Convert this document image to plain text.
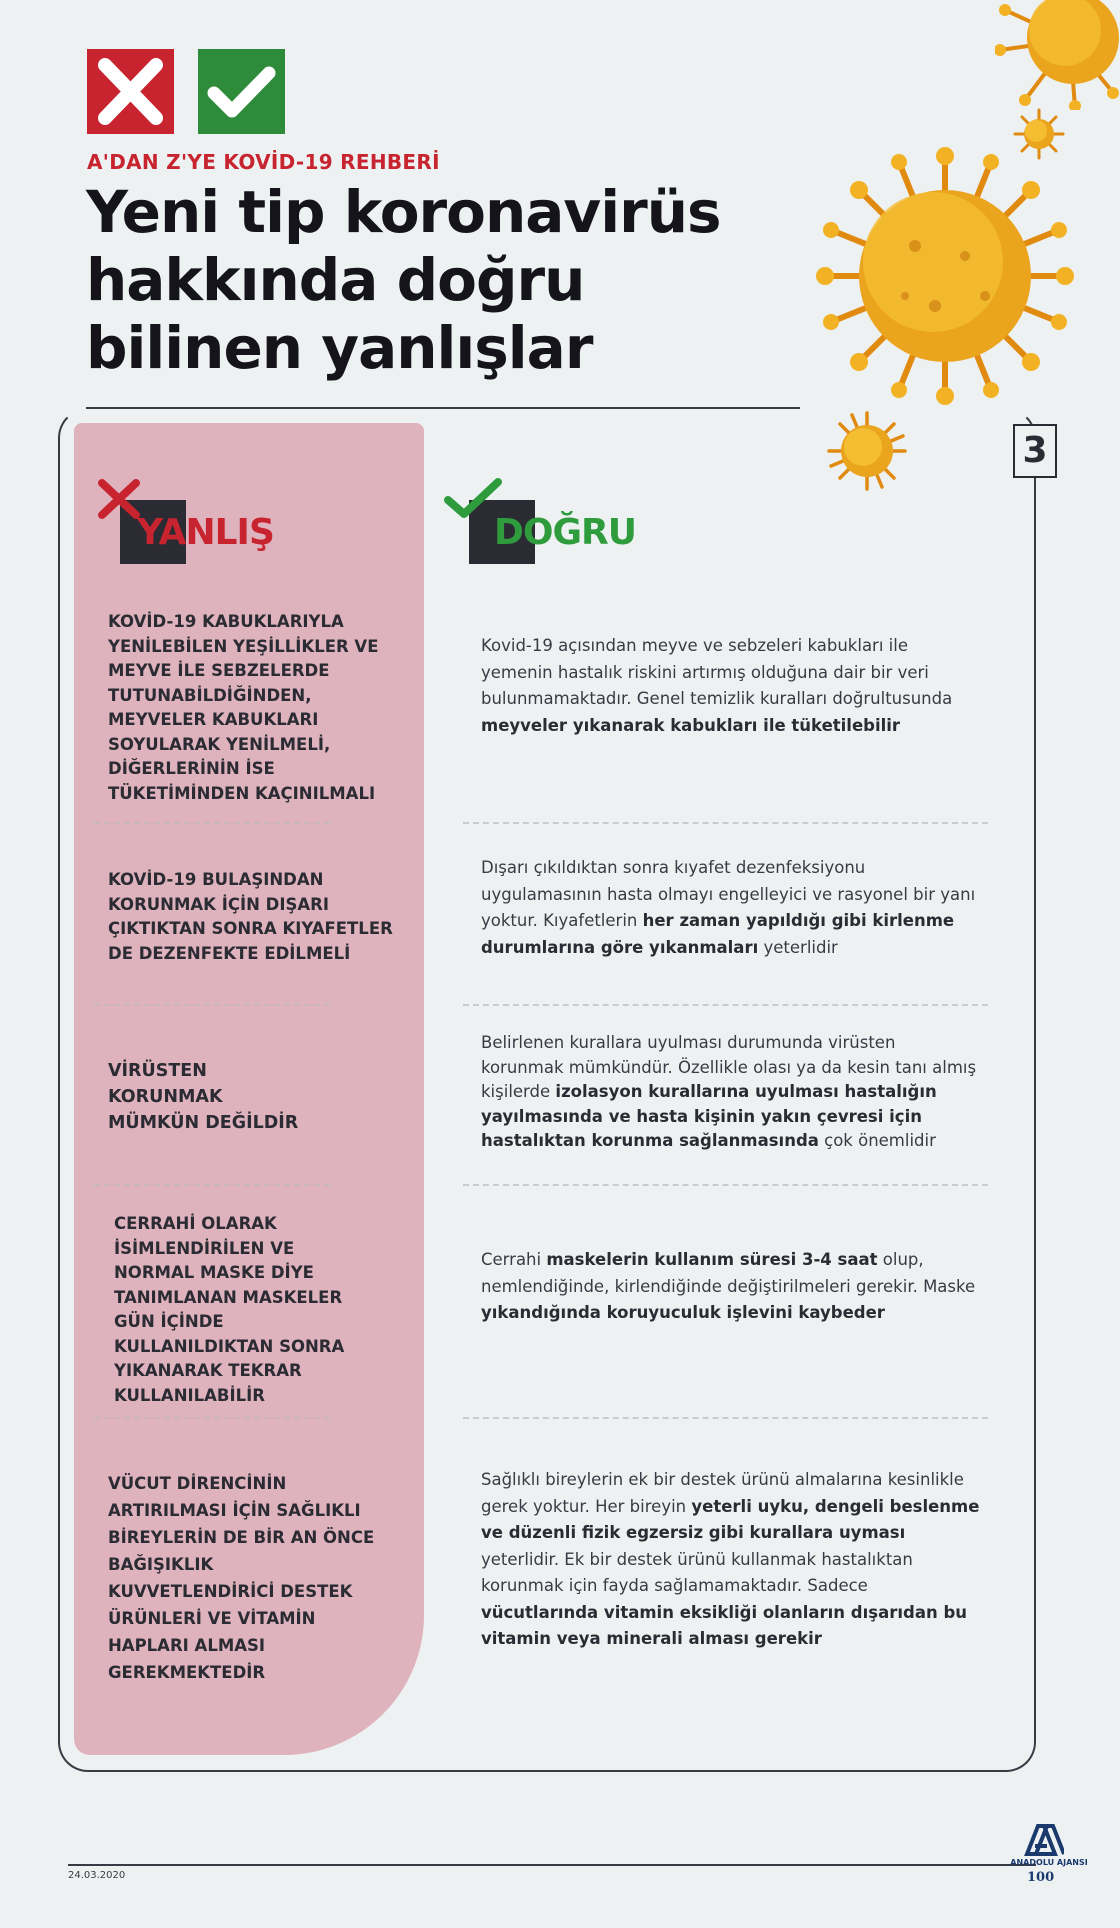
A'DAN Z'YE KOVİD-19 REHBERİ
Yeni tip koronavirüs hakkında doğru bilinen yanlışlar
3
YANLIŞ	DOĞRU
KOVİD-19 KABUKLARIYLA YENİLEBİLEN YEŞİLLİKLER VE MEYVE İLE SEBZELERDE TUTUNABİLDİĞİNDEN, MEYVELER KABUKLARI SOYULARAK YENİLMELİ, DİĞERLERİNİN İSE TÜKETİMİNDEN KAÇINILMALI
Kovid-19 açısından meyve ve sebzeleri kabukları ile yemenin hastalık riskini artırmış olduğuna dair bir veri bulunmamaktadır. Genel temizlik kuralları doğrultusunda meyveler yıkanarak kabukları ile tüketilebilir
KOVİD-19 BULAŞINDAN KORUNMAK İÇİN DIŞARI ÇIKTIKTAN SONRA KIYAFETLER DE DEZENFEKTE EDİLMELİ
Dışarı çıkıldıktan sonra kıyafet dezenfeksiyonu uygulamasının hasta olmayı engelleyici ve rasyonel bir yanı yoktur. Kıyafetlerin her zaman yapıldığı gibi kirlenme durumlarına göre yıkanmaları yeterlidir
VİRÜSTEN KORUNMAK MÜMKÜN DEĞİLDİR
Belirlenen kurallara uyulması durumunda virüsten korunmak mümkündür. Özellikle olası ya da kesin tanı almış kişilerde izolasyon kurallarına uyulması hastalığın yayılmasında ve hasta kişinin yakın çevresi için hastalıktan korunma sağlanmasında çok önemlidir
CERRAHİ OLARAK İSİMLENDİRİLEN VE NORMAL MASKE DİYE TANIMLANAN MASKELER GÜN İÇİNDE KULLANILDIKTAN SONRA YIKANARAK TEKRAR KULLANILABİLİR
Cerrahi maskelerin kullanım süresi 3-4 saat olup, nemlendiğinde, kirlendiğinde değiştirilmeleri gerekir. Maske yıkandığında koruyuculuk işlevini kaybeder
VÜCUT DİRENCİNİN ARTIRILMASI İÇİN SAĞLIKLI BİREYLERİN DE BİR AN ÖNCE BAĞIŞIKLIK KUVVETLENDİRİCİ DESTEK ÜRÜNLERİ VE VİTAMİN HAPLARI ALMASI GEREKMEKTEDİR
Sağlıklı bireylerin ek bir destek ürünü almalarına kesinlikle gerek yoktur. Her bireyin yeterli uyku, dengeli beslenme ve düzenli fizik egzersiz gibi kurallara uyması yeterlidir. Ek bir destek ürünü kullanmak hastalıktan korunmak için fayda sağlamamaktadır. Sadece vücutlarında vitamin eksikliği olanların dışarıdan bu vitamin veya minerali alması gerekir
24.03.2020
ANADOLU AJANSI
100
